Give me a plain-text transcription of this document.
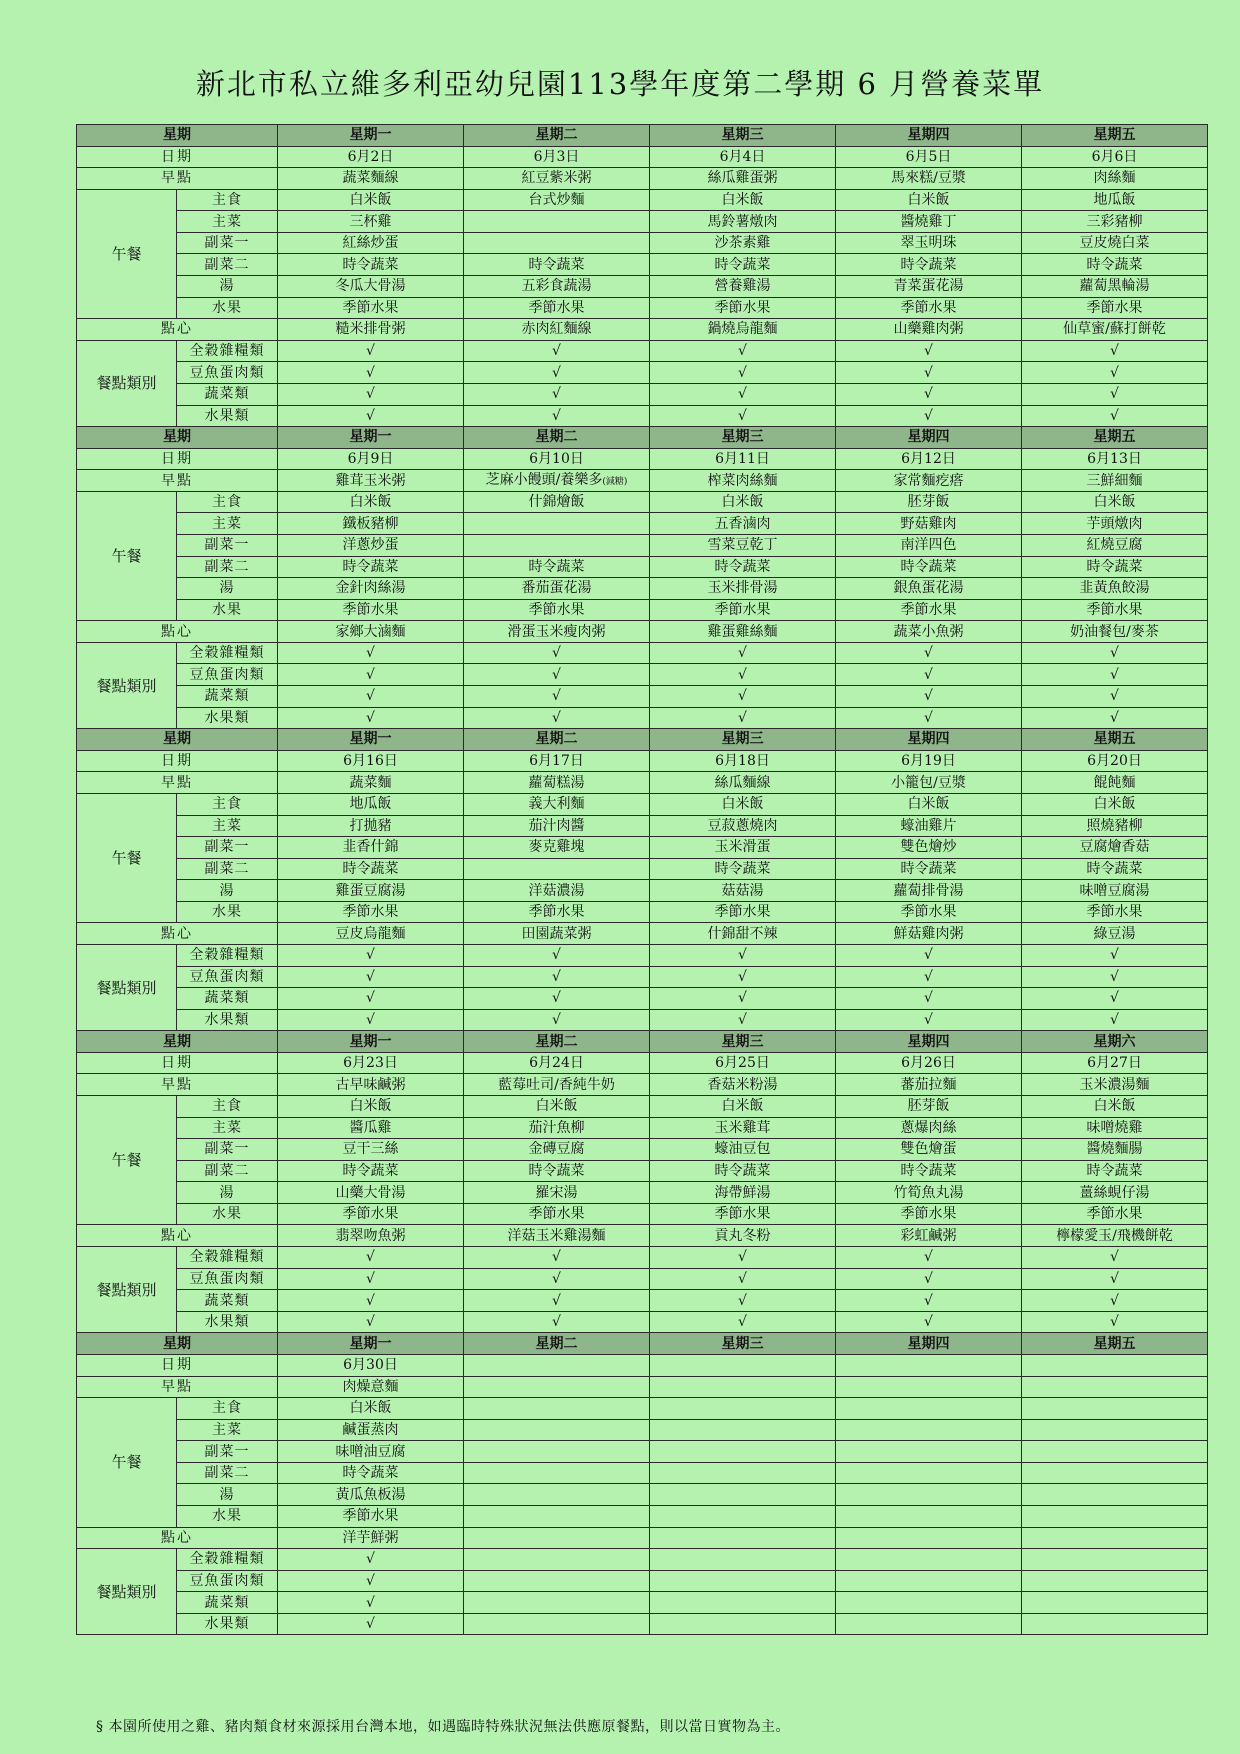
新北市私立維多利亞幼兒園113學年度第二學期 6 月營養菜單
星期		星期一	星期二	星期三	星期四	星期五
日期		6月2日	6月3日	6月4日	6月5日	6月6日
早點		蔬菜麵線	紅豆紫米粥	絲瓜雞蛋粥	馬來糕/豆漿	肉絲麵
午餐	主食	白米飯	台式炒麵	白米飯	白米飯	地瓜飯
	主菜	三杯雞		馬鈴薯燉肉	醬燒雞丁	三彩豬柳
	副菜一	紅絲炒蛋		沙茶素雞	翠玉明珠	豆皮燒白菜
	副菜二	時令蔬菜	時令蔬菜	時令蔬菜	時令蔬菜	時令蔬菜
	湯	冬瓜大骨湯	五彩食蔬湯	營養雞湯	青菜蛋花湯	蘿蔔黑輪湯
	水果	季節水果	季節水果	季節水果	季節水果	季節水果
點心		糙米排骨粥	赤肉紅麵線	鍋燒烏龍麵	山藥雞肉粥	仙草蜜/蘇打餅乾
餐點類別	全穀雜糧類	√	√	√	√	√
	豆魚蛋肉類	√	√	√	√	√
	蔬菜類	√	√	√	√	√
	水果類	√	√	√	√	√
星期		星期一	星期二	星期三	星期四	星期五
日期		6月9日	6月10日	6月11日	6月12日	6月13日
早點		雞茸玉米粥	芝麻小饅頭/養樂多(減糖)	榨菜肉絲麵	家常麵疙瘩	三鮮細麵
午餐	主食	白米飯	什錦燴飯	白米飯	胚芽飯	白米飯
	主菜	鐵板豬柳		五香滷肉	野菇雞肉	芋頭燉肉
	副菜一	洋蔥炒蛋		雪菜豆乾丁	南洋四色	紅燒豆腐
	副菜二	時令蔬菜	時令蔬菜	時令蔬菜	時令蔬菜	時令蔬菜
	湯	金針肉絲湯	番茄蛋花湯	玉米排骨湯	銀魚蛋花湯	韭黃魚餃湯
	水果	季節水果	季節水果	季節水果	季節水果	季節水果
點心		家鄉大滷麵	滑蛋玉米瘦肉粥	雞蛋雞絲麵	蔬菜小魚粥	奶油餐包/麥茶
餐點類別	全穀雜糧類	√	√	√	√	√
	豆魚蛋肉類	√	√	√	√	√
	蔬菜類	√	√	√	√	√
	水果類	√	√	√	√	√
星期		星期一	星期二	星期三	星期四	星期五
日期		6月16日	6月17日	6月18日	6月19日	6月20日
早點		蔬菜麵	蘿蔔糕湯	絲瓜麵線	小籠包/豆漿	餛飩麵
午餐	主食	地瓜飯	義大利麵	白米飯	白米飯	白米飯
	主菜	打拋豬	茄汁肉醬	豆菽蔥燒肉	蠔油雞片	照燒豬柳
	副菜一	韭香什錦	麥克雞塊	玉米滑蛋	雙色燴炒	豆腐燴香菇
	副菜二	時令蔬菜		時令蔬菜	時令蔬菜	時令蔬菜
	湯	雞蛋豆腐湯	洋菇濃湯	菇菇湯	蘿蔔排骨湯	味噌豆腐湯
	水果	季節水果	季節水果	季節水果	季節水果	季節水果
點心		豆皮烏龍麵	田園蔬菜粥	什錦甜不辣	鮮菇雞肉粥	綠豆湯
餐點類別	全穀雜糧類	√	√	√	√	√
	豆魚蛋肉類	√	√	√	√	√
	蔬菜類	√	√	√	√	√
	水果類	√	√	√	√	√
星期		星期一	星期二	星期三	星期四	星期六
日期		6月23日	6月24日	6月25日	6月26日	6月27日
早點		古早味鹹粥	藍莓吐司/香純牛奶	香菇米粉湯	蕃茄拉麵	玉米濃湯麵
午餐	主食	白米飯	白米飯	白米飯	胚芽飯	白米飯
	主菜	醬瓜雞	茄汁魚柳	玉米雞茸	蔥爆肉絲	味噌燒雞
	副菜一	豆干三絲	金磚豆腐	蠔油豆包	雙色燴蛋	醬燒麵腸
	副菜二	時令蔬菜	時令蔬菜	時令蔬菜	時令蔬菜	時令蔬菜
	湯	山藥大骨湯	羅宋湯	海帶鮮湯	竹筍魚丸湯	薑絲蜆仔湯
	水果	季節水果	季節水果	季節水果	季節水果	季節水果
點心		翡翠吻魚粥	洋菇玉米雞湯麵	貢丸冬粉	彩虹鹹粥	檸檬愛玉/飛機餅乾
餐點類別	全穀雜糧類	√	√	√	√	√
	豆魚蛋肉類	√	√	√	√	√
	蔬菜類	√	√	√	√	√
	水果類	√	√	√	√	√
星期		星期一	星期二	星期三	星期四	星期五
日期		6月30日				
早點		肉燥意麵				
午餐	主食	白米飯				
	主菜	鹹蛋蒸肉				
	副菜一	味噌油豆腐				
	副菜二	時令蔬菜				
	湯	黃瓜魚板湯				
	水果	季節水果				
點心		洋芋鮮粥				
餐點類別	全穀雜糧類	√				
	豆魚蛋肉類	√				
	蔬菜類	√				
	水果類	√				
§ 本園所使用之雞、豬肉類食材來源採用台灣本地，如遇臨時特殊狀況無法供應原餐點，則以當日實物為主。
